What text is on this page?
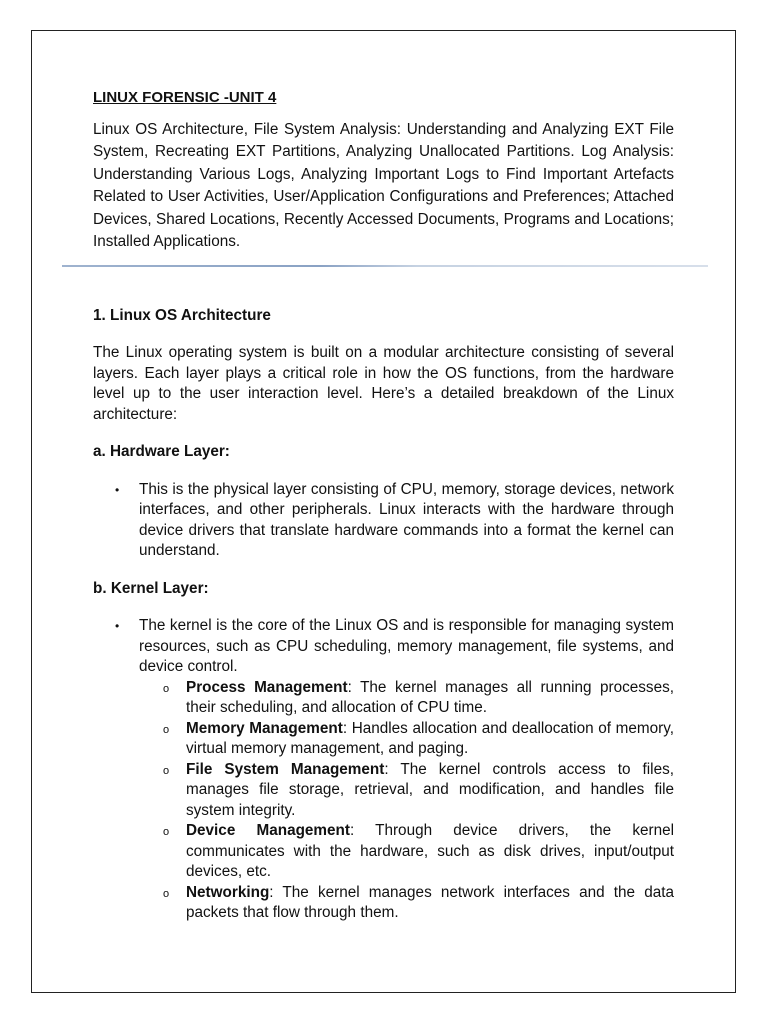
LINUX FORENSIC -UNIT 4

Linux OS Architecture, File System Analysis: Understanding and Analyzing EXT File System, Recreating EXT Partitions, Analyzing Unallocated Partitions. Log Analysis: Understanding Various Logs, Analyzing Important Logs to Find Important Artefacts Related to User Activities, User/Application Configurations and Preferences; Attached Devices, Shared Locations, Recently Accessed Documents, Programs and Locations; Installed Applications.

1. Linux OS Architecture

The Linux operating system is built on a modular architecture consisting of several layers. Each layer plays a critical role in how the OS functions, from the hardware level up to the user interaction level. Here’s a detailed breakdown of the Linux architecture:

a. Hardware Layer:

• This is the physical layer consisting of CPU, memory, storage devices, network interfaces, and other peripherals. Linux interacts with the hardware through device drivers that translate hardware commands into a format the kernel can understand.

b. Kernel Layer:

• The kernel is the core of the Linux OS and is responsible for managing system resources, such as CPU scheduling, memory management, file systems, and device control.

o Process Management: The kernel manages all running processes, their scheduling, and allocation of CPU time.

o Memory Management: Handles allocation and deallocation of memory, virtual memory management, and paging.

o File System Management: The kernel controls access to files, manages file storage, retrieval, and modification, and handles file system integrity.

o Device Management: Through device drivers, the kernel communicates with the hardware, such as disk drives, input/output devices, etc.

o Networking: The kernel manages network interfaces and the data packets that flow through them.
